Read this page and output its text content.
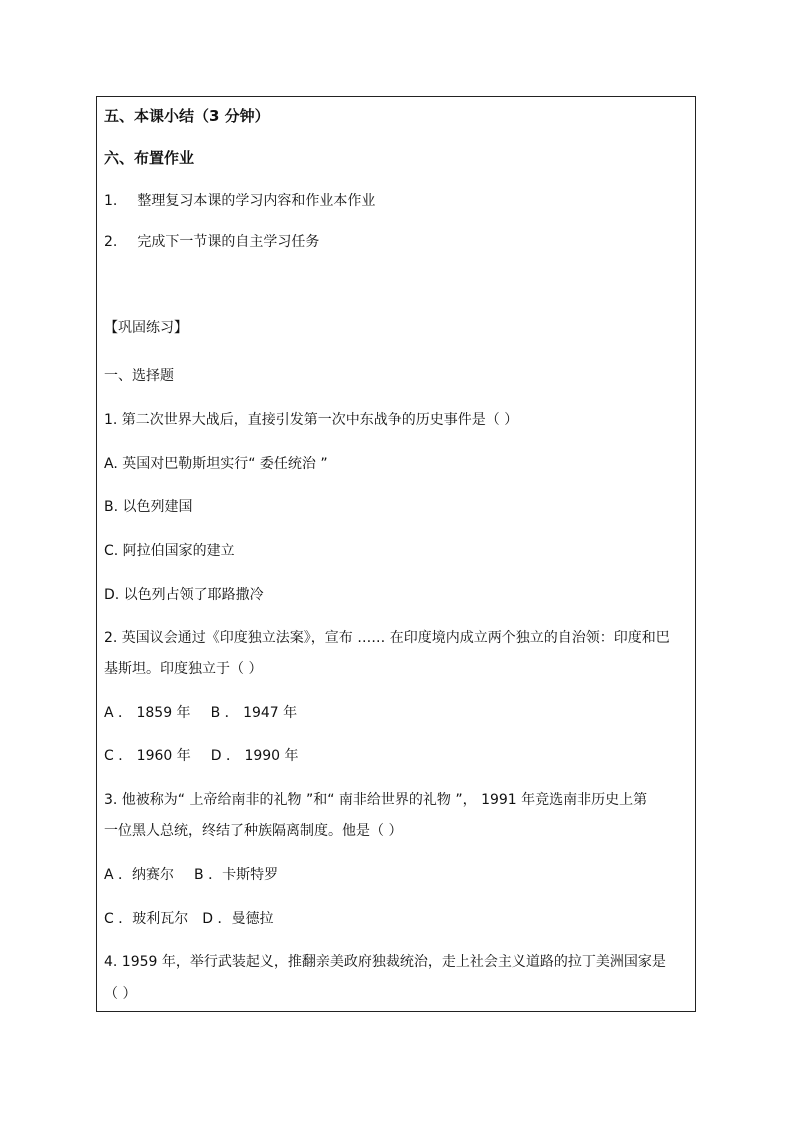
五、本课小结（3 分钟）
六、布置作业
1. 整理复习本课的学习内容和作业本作业
2. 完成下一节课的自主学习任务
【巩固练习】
一、选择题
1. 第二次世界大战后，直接引发第一次中东战争的历史事件是（ ）
A. 英国对巴勒斯坦实行“ 委任统治 ”
B. 以色列建国
C. 阿拉伯国家的建立
D. 以色列占领了耶路撒冷
2. 英国议会通过《印度独立法案》，宣布 …… 在印度境内成立两个独立的自治领：印度和巴
基斯坦。印度独立于（ ）
A ． 1859 年 B ． 1947 年
C ． 1960 年 D ． 1990 年
3. 他被称为“ 上帝给南非的礼物 ”和“ 南非给世界的礼物 ”， 1991 年竞选南非历史上第
一位黑人总统，终结了种族隔离制度。他是（ ）
A ．纳赛尔 B ．卡斯特罗
C ．玻利瓦尔 D ．曼德拉
4. 1959 年，举行武装起义，推翻亲美政府独裁统治，走上社会主义道路的拉丁美洲国家是
（ ）
